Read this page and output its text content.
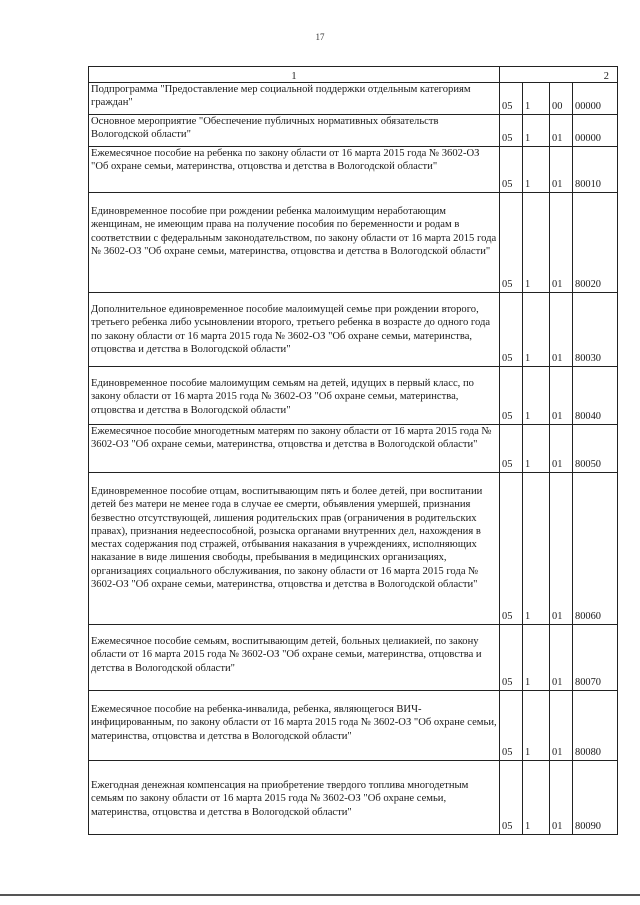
17
1	2			
Подпрограмма "Предоставление мер социальной поддержки отдельным категориям граждан"	05	1	00	00000
Основное мероприятие "Обеспечение публичных нормативных обязательств Вологодской области"	05	1	01	00000
Ежемесячное пособие на ребенка по закону области от 16 марта 2015 года № 3602-ОЗ "Об охране семьи, материнства, отцовства и детства в Вологодской области"	05	1	01	80010
Единовременное пособие при рождении ребенка малоимущим неработающим женщинам, не имеющим права на получение пособия по беременности и родам в соответствии с федеральным законодательством, по закону области от 16 марта 2015 года № 3602-ОЗ "Об охране семьи, материнства, отцовства и детства в Вологодской области"	05	1	01	80020
Дополнительное единовременное пособие малоимущей семье при рождении второго, третьего ребенка либо усыновлении второго, третьего ребенка в возрасте до одного года по закону области от 16 марта 2015 года № 3602-ОЗ "Об охране семьи, материнства, отцовства и детства в Вологодской области"	05	1	01	80030
Единовременное пособие малоимущим семьям на детей, идущих в первый класс, по закону области от 16 марта 2015 года № 3602-ОЗ "Об охране семьи, материнства, отцовства и детства в Вологодской области"	05	1	01	80040
Ежемесячное пособие многодетным матерям по закону области от 16 марта 2015 года № 3602-ОЗ "Об охране семьи, материнства, отцовства и детства в Вологодской области"	05	1	01	80050
Единовременное пособие отцам, воспитывающим пять и более детей, при воспитании детей без матери не менее года в случае ее смерти, объявления умершей, признания безвестно отсутствующей, лишения родительских прав (ограничения в родительских правах), признания недееспособной, розыска органами внутренних дел, нахождения в местах содержания под стражей, отбывания наказания в учреждениях, исполняющих наказание в виде лишения свободы, пребывания в медицинских организациях, организациях социального обслуживания, по закону области от 16 марта 2015 года № 3602-ОЗ "Об охране семьи, материнства, отцовства и детства в Вологодской области"	05	1	01	80060
Ежемесячное пособие семьям, воспитывающим детей, больных целиакией, по закону области от 16 марта 2015 года № 3602-ОЗ "Об охране семьи, материнства, отцовства и детства в Вологодской области"	05	1	01	80070
Ежемесячное пособие на ребенка-инвалида, ребенка, являющегося ВИЧ-инфицированным, по закону области от 16 марта 2015 года № 3602-ОЗ "Об охране семьи, материнства, отцовства и детства в Вологодской области"	05	1	01	80080
Ежегодная денежная компенсация на приобретение твердого топлива многодетным семьям по закону области от 16 марта 2015 года № 3602-ОЗ "Об охране семьи, материнства, отцовства и детства в Вологодской области"	05	1	01	80090
